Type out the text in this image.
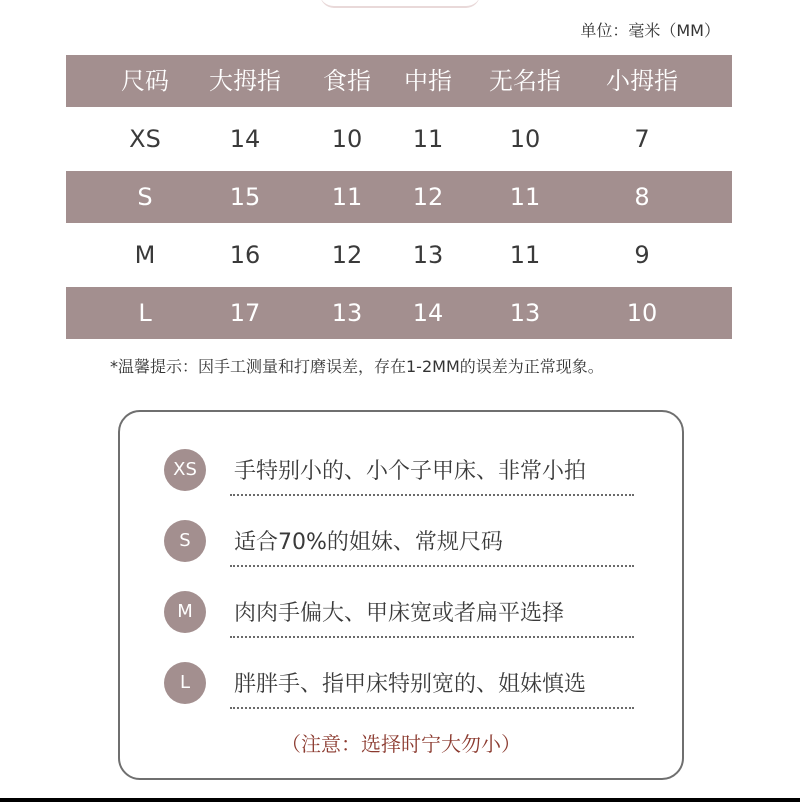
单位：毫米（MM）
尺码 大拇指 食指 中指 无名指 小拇指
XS	14	10 11	10	7
S	15	11 12	11	8
M	16	12 13	11	9
L	17	13 14	13	10
*温馨提示：因手工测量和打磨误差，存在1-2MM的误差为正常现象。
XS	手特别小的、小个子甲床、非常小拍
S	适合70%的姐妹、常规尺码
M	肉肉手偏大、甲床宽或者扁平选择
L	胖胖手、指甲床特别宽的、姐妹慎选
（注意：选择时宁大勿小）
